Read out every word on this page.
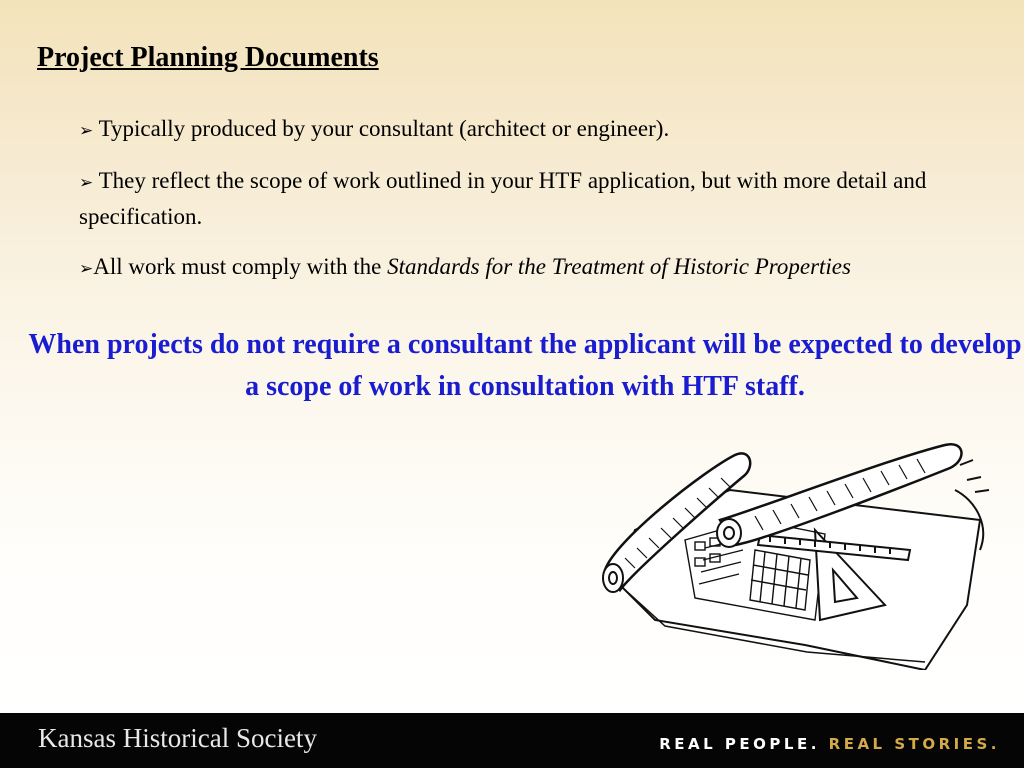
Project Planning Documents

➢ Typically produced by your consultant (architect or engineer).

➢ They reflect the scope of work outlined in your HTF application, but with more detail and specification.

➢All work must comply with the Standards for the Treatment of Historic Properties

When projects do not require a consultant the applicant will be expected to develop a scope of work in consultation with HTF staff.

Kansas Historical Society	REAL PEOPLE. REAL STORIES.
